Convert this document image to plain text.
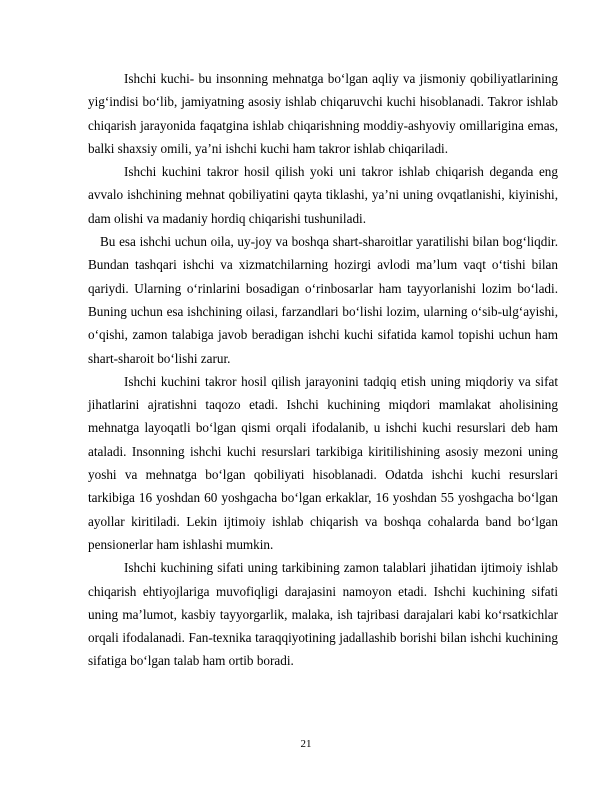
Ishchi kuchi- bu insonning mehnatga bo‘lgan aqliy va jismoniy qobiliyatlarining yig‘indisi bo‘lib, jamiyatning asosiy ishlab chiqaruvchi kuchi hisoblanadi. Takror ishlab chiqarish jarayonida faqatgina ishlab chiqarishning moddiy-ashyoviy omillarigina emas, balki shaxsiy omili, ya’ni ishchi kuchi ham takror ishlab chiqariladi.

Ishchi kuchini takror hosil qilish yoki uni takror ishlab chiqarish deganda eng avvalo ishchining mehnat qobiliyatini qayta tiklashi, ya’ni uning ovqatlanishi, kiyinishi, dam olishi va madaniy hordiq chiqarishi tushuniladi.

Bu esa ishchi uchun oila, uy-joy va boshqa shart-sharoitlar yaratilishi bilan bog‘liqdir. Bundan tashqari ishchi va xizmatchilarning hozirgi avlodi ma’lum vaqt o‘tishi bilan qariydi. Ularning o‘rinlarini bosadigan o‘rinbosarlar ham tayyorlanishi lozim bo‘ladi. Buning uchun esa ishchining oilasi, farzandlari bo‘lishi lozim, ularning o‘sib-ulg‘ayishi, o‘qishi, zamon talabiga javob beradigan ishchi kuchi sifatida kamol topishi uchun ham shart-sharoit bo‘lishi zarur.

Ishchi kuchini takror hosil qilish jarayonini tadqiq etish uning miqdoriy va sifat jihatlarini ajratishni taqozo etadi. Ishchi kuchining miqdori mamlakat aholisining mehnatga layoqatli bo‘lgan qismi orqali ifodalanib, u ishchi kuchi resurslari deb ham ataladi. Insonning ishchi kuchi resurslari tarkibiga kiritilishining asosiy mezoni uning yoshi va mehnatga bo‘lgan qobiliyati hisoblanadi. Odatda ishchi kuchi resurslari tarkibiga 16 yoshdan 60 yoshgacha bo‘lgan erkaklar, 16 yoshdan 55 yoshgacha bo‘lgan ayollar kiritiladi. Lekin ijtimoiy ishlab chiqarish va boshqa cohalarda band bo‘lgan pensionerlar ham ishlashi mumkin.

Ishchi kuchining sifati uning tarkibining zamon talablari jihatidan ijtimoiy ishlab chiqarish ehtiyojlariga muvofiqligi darajasini namoyon etadi. Ishchi kuchining sifati uning ma’lumot, kasbiy tayyorgarlik, malaka, ish tajribasi darajalari kabi ko‘rsatkichlar orqali ifodalanadi. Fan-texnika taraqqiyotining jadallashib borishi bilan ishchi kuchining sifatiga bo‘lgan talab ham ortib boradi.

21
